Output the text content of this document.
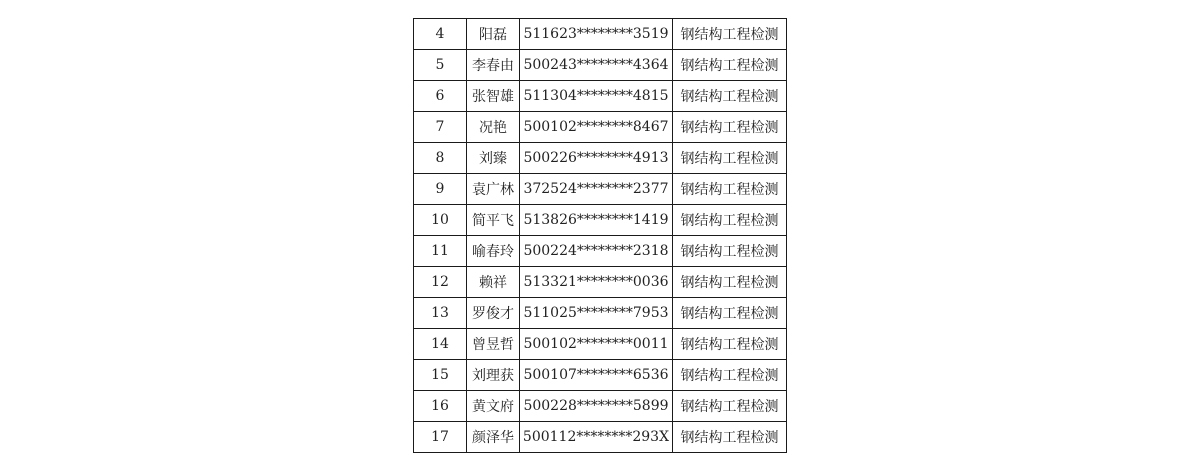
4	阳磊	511623********3519	钢结构工程检测
5	李春由	500243********4364	钢结构工程检测
6	张智雄	511304********4815	钢结构工程检测
7	况艳	500102********8467	钢结构工程检测
8	刘臻	500226********4913	钢结构工程检测
9	袁广林	372524********2377	钢结构工程检测
10	简平飞	513826********1419	钢结构工程检测
11	喻春玲	500224********2318	钢结构工程检测
12	赖祥	513321********0036	钢结构工程检测
13	罗俊才	511025********7953	钢结构工程检测
14	曾昱哲	500102********0011	钢结构工程检测
15	刘理获	500107********6536	钢结构工程检测
16	黄文府	500228********5899	钢结构工程检测
17	颜泽华	500112********293X	钢结构工程检测
